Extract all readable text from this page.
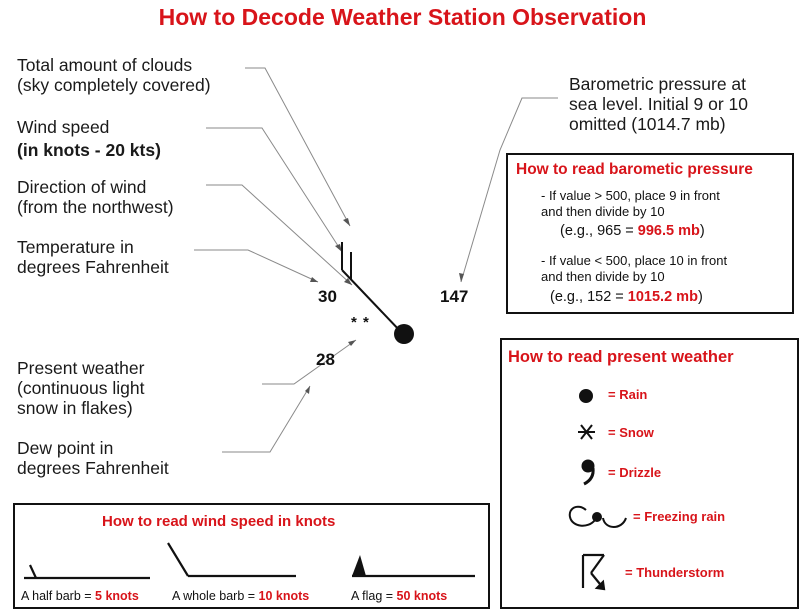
How to Decode Weather Station Observation
Total amount of clouds
(sky completely covered)
Wind speed
(in knots - 20 kts)
Direction of wind
(from the northwest)
Temperature in
degrees Fahrenheit
Present weather
(continuous light
snow in flakes)
Dew point in
degrees Fahrenheit
Barometric pressure at
sea level. Initial 9 or 10
omitted (1014.7 mb)
30
28
147
* *
How to read barometic pressure
- If value > 500, place 9 in front
and then divide by 10
(e.g., 965 = 996.5 mb)
- If value < 500, place 10 in front
and then divide by 10
(e.g., 152 = 1015.2 mb)
How to read present weather
= Rain
= Snow
= Drizzle
= Freezing rain
= Thunderstorm
How to read wind speed in knots
A half barb = 5 knots	A whole barb = 10 knots	A flag = 50 knots
